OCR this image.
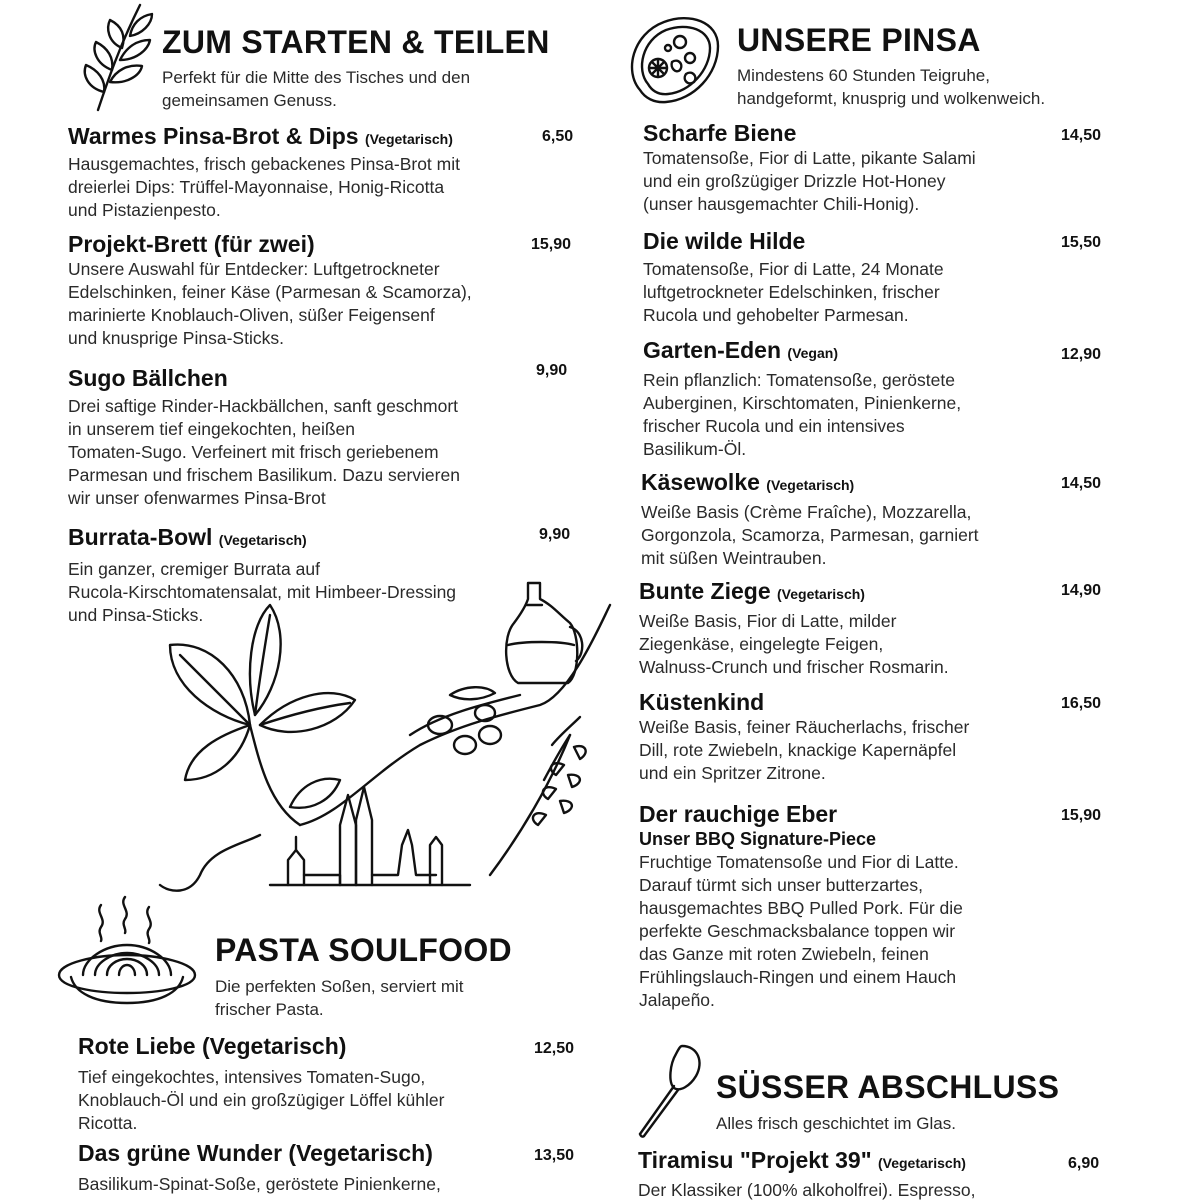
ZUM STARTEN & TEILEN
Perfekt für die Mitte des Tisches und den
gemeinsamen Genuss.
Warmes Pinsa-Brot & Dips (Vegetarisch)
Hausgemachtes, frisch gebackenes Pinsa-Brot mit
dreierlei Dips: Trüffel-Mayonnaise, Honig-Ricotta
und Pistazienpesto.
6,50
Projekt-Brett (für zwei)
Unsere Auswahl für Entdecker: Luftgetrockneter
Edelschinken, feiner Käse (Parmesan & Scamorza),
marinierte Knoblauch-Oliven, süßer Feigensenf
und knusprige Pinsa-Sticks.
15,90
Sugo Bällchen
Drei saftige Rinder-Hackbällchen, sanft geschmort
in unserem tief eingekochten, heißen
Tomaten-Sugo. Verfeinert mit frisch geriebenem
Parmesan und frischem Basilikum. Dazu servieren
wir unser ofenwarmes Pinsa-Brot
9,90
Burrata-Bowl (Vegetarisch)
Ein ganzer, cremiger Burrata auf
Rucola-Kirschtomatensalat, mit Himbeer-Dressing
und Pinsa-Sticks.
9,90
PASTA SOULFOOD
Die perfekten Soßen, serviert mit
frischer Pasta.
Rote Liebe (Vegetarisch)
Tief eingekochtes, intensives Tomaten-Sugo,
Knoblauch-Öl und ein großzügiger Löffel kühler
Ricotta.
12,50
Das grüne Wunder (Vegetarisch)
Basilikum-Spinat-Soße, geröstete Pinienkerne,
13,50
UNSERE PINSA
Mindestens 60 Stunden Teigruhe,
handgeformt, knusprig und wolkenweich.
Scharfe Biene
Tomatensoße, Fior di Latte, pikante Salami
und ein großzügiger Drizzle Hot-Honey
(unser hausgemachter Chili-Honig).
14,50
Die wilde Hilde
Tomatensoße, Fior di Latte, 24 Monate
luftgetrockneter Edelschinken, frischer
Rucola und gehobelter Parmesan.
15,50
Garten-Eden (Vegan)
Rein pflanzlich: Tomatensoße, geröstete
Auberginen, Kirschtomaten, Pinienkerne,
frischer Rucola und ein intensives
Basilikum-Öl.
12,90
Käsewolke (Vegetarisch)
Weiße Basis (Crème Fraîche), Mozzarella,
Gorgonzola, Scamorza, Parmesan, garniert
mit süßen Weintrauben.
14,50
Bunte Ziege (Vegetarisch)
Weiße Basis, Fior di Latte, milder
Ziegenkäse, eingelegte Feigen,
Walnuss-Crunch und frischer Rosmarin.
14,90
Küstenkind
Weiße Basis, feiner Räucherlachs, frischer
Dill, rote Zwiebeln, knackige Kapernäpfel
und ein Spritzer Zitrone.
16,50
Der rauchige Eber
Unser BBQ Signature-Piece
Fruchtige Tomatensoße und Fior di Latte.
Darauf türmt sich unser butterzartes,
hausgemachtes BBQ Pulled Pork. Für die
perfekte Geschmacksbalance toppen wir
das Ganze mit roten Zwiebeln, feinen
Frühlingslauch-Ringen und einem Hauch
Jalapeño.
15,90
SÜSSER ABSCHLUSS
Alles frisch geschichtet im Glas.
Tiramisu "Projekt 39" (Vegetarisch)
Der Klassiker (100% alkoholfrei). Espresso,
6,90
